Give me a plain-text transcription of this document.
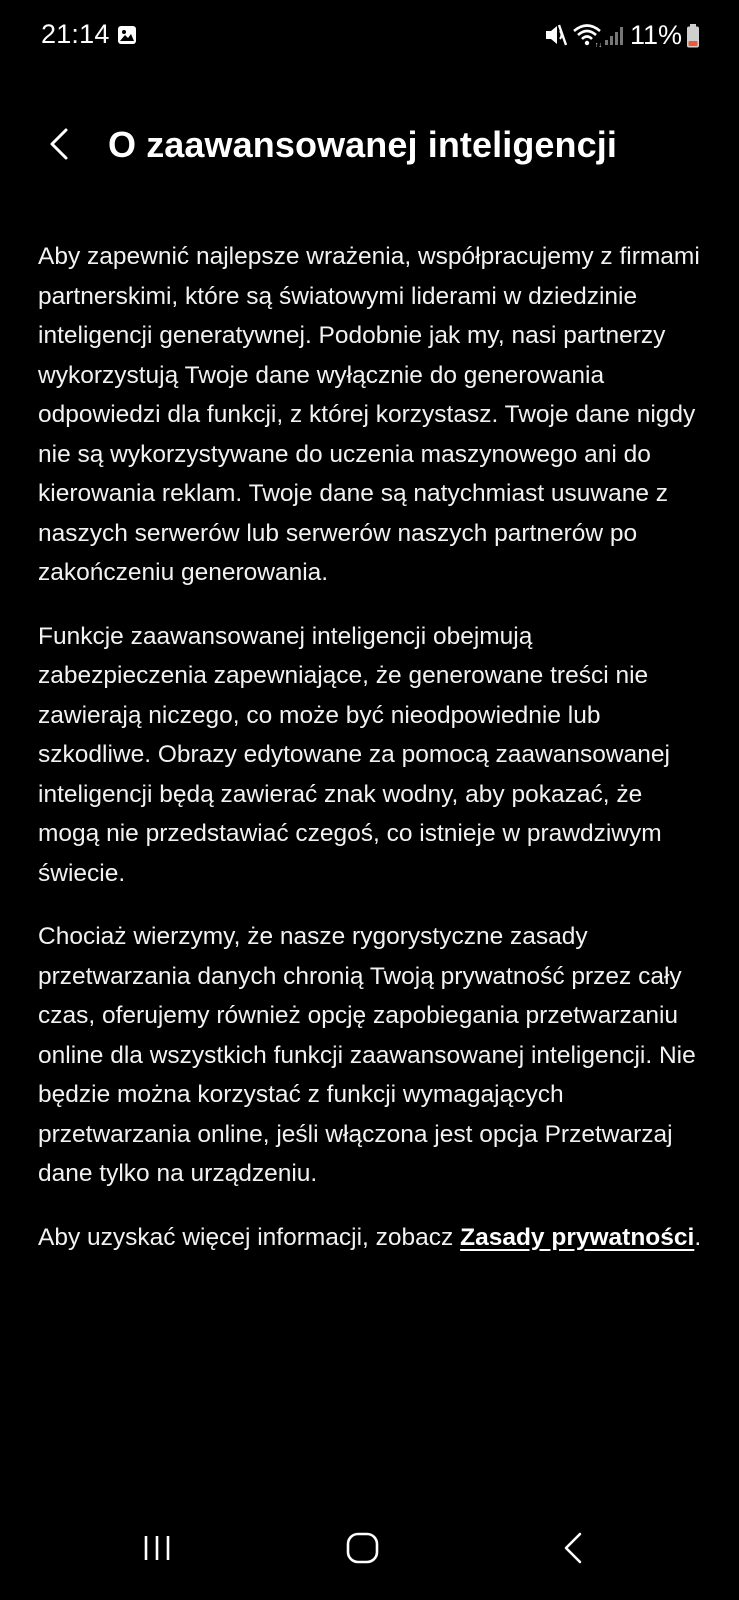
21:14	↑↓ 11%
O zaawansowanej inteligencji

Aby zapewnić najlepsze wrażenia, współpracujemy z firmami partnerskimi, które są światowymi liderami w dziedzinie inteligencji generatywnej. Podobnie jak my, nasi partnerzy wykorzystują Twoje dane wyłącznie do generowania odpowiedzi dla funkcji, z której korzystasz. Twoje dane nigdy nie są wykorzystywane do uczenia maszynowego ani do kierowania reklam. Twoje dane są natychmiast usuwane z naszych serwerów lub serwerów naszych partnerów po zakończeniu generowania.

Funkcje zaawansowanej inteligencji obejmują zabezpieczenia zapewniające, że generowane treści nie zawierają niczego, co może być nieodpowiednie lub szkodliwe. Obrazy edytowane za pomocą zaawansowanej inteligencji będą zawierać znak wodny, aby pokazać, że mogą nie przedstawiać czegoś, co istnieje w prawdziwym świecie.

Chociaż wierzymy, że nasze rygorystyczne zasady przetwarzania danych chronią Twoją prywatność przez cały czas, oferujemy również opcję zapobiegania przetwarzaniu online dla wszystkich funkcji zaawansowanej inteligencji. Nie będzie można korzystać z funkcji wymagających przetwarzania online, jeśli włączona jest opcja Przetwarzaj dane tylko na urządzeniu.

Aby uzyskać więcej informacji, zobacz Zasady prywatności.
